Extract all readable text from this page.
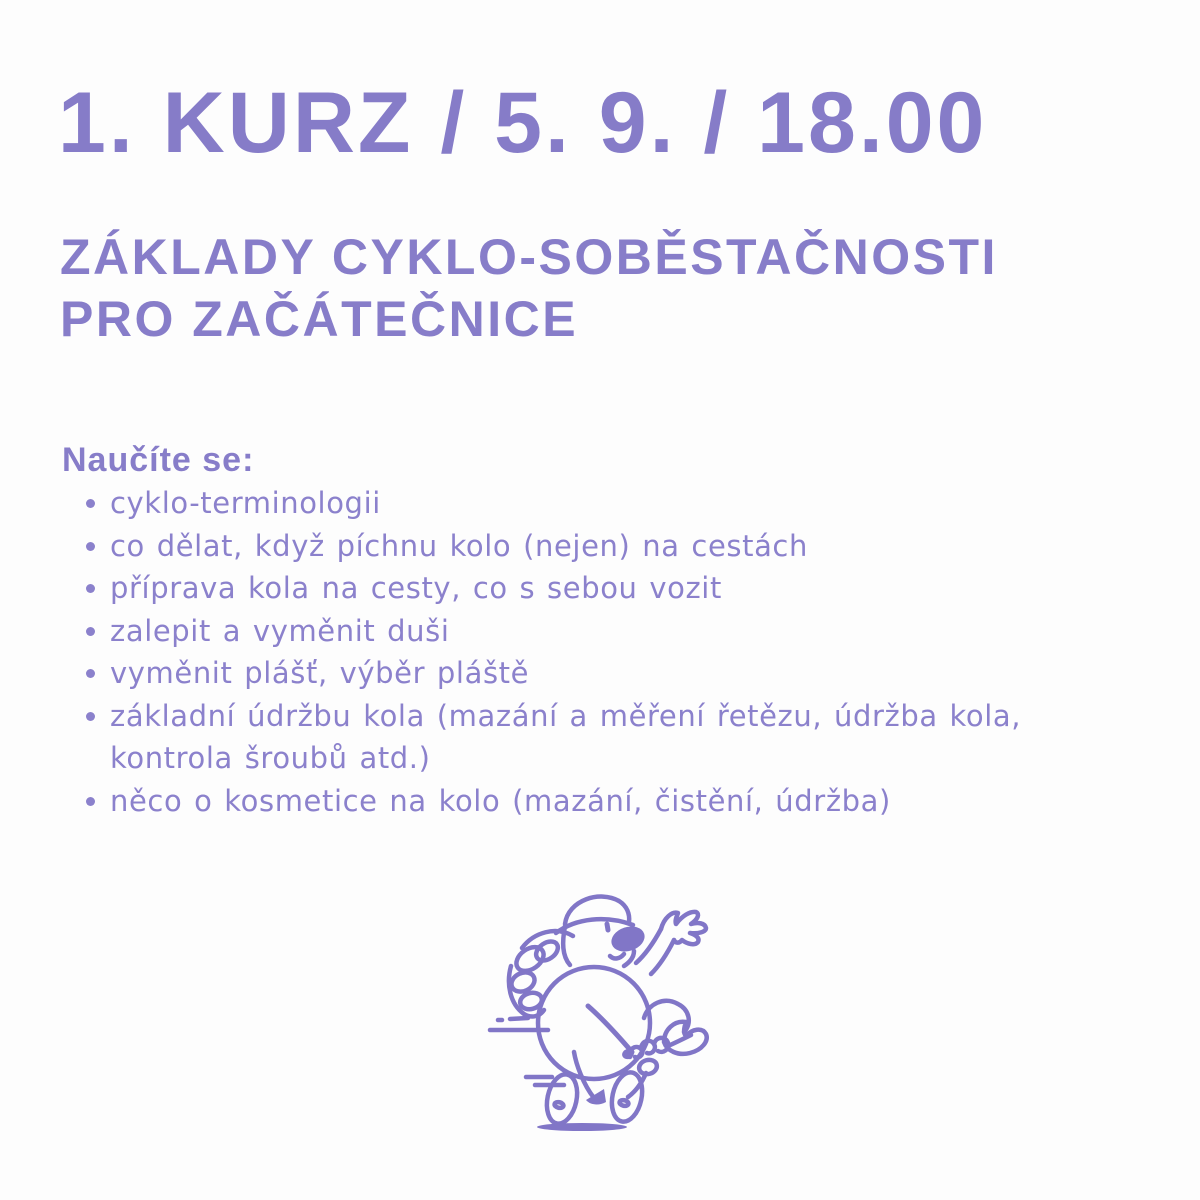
1. KURZ / 5. 9. / 18.00
ZÁKLADY CYKLO-SOBĚSTAČNOSTI
PRO ZAČÁTEČNICE
Naučíte se:
cyklo-terminologii
co dělat, když píchnu kolo (nejen) na cestách
příprava kola na cesty, co s sebou vozit
zalepit a vyměnit duši
vyměnit plášť, výběr pláště
základní údržbu kola (mazání a měření řetězu, údržba kola, kontrola šroubů atd.)
něco o kosmetice na kolo (mazání, čistění, údržba)
